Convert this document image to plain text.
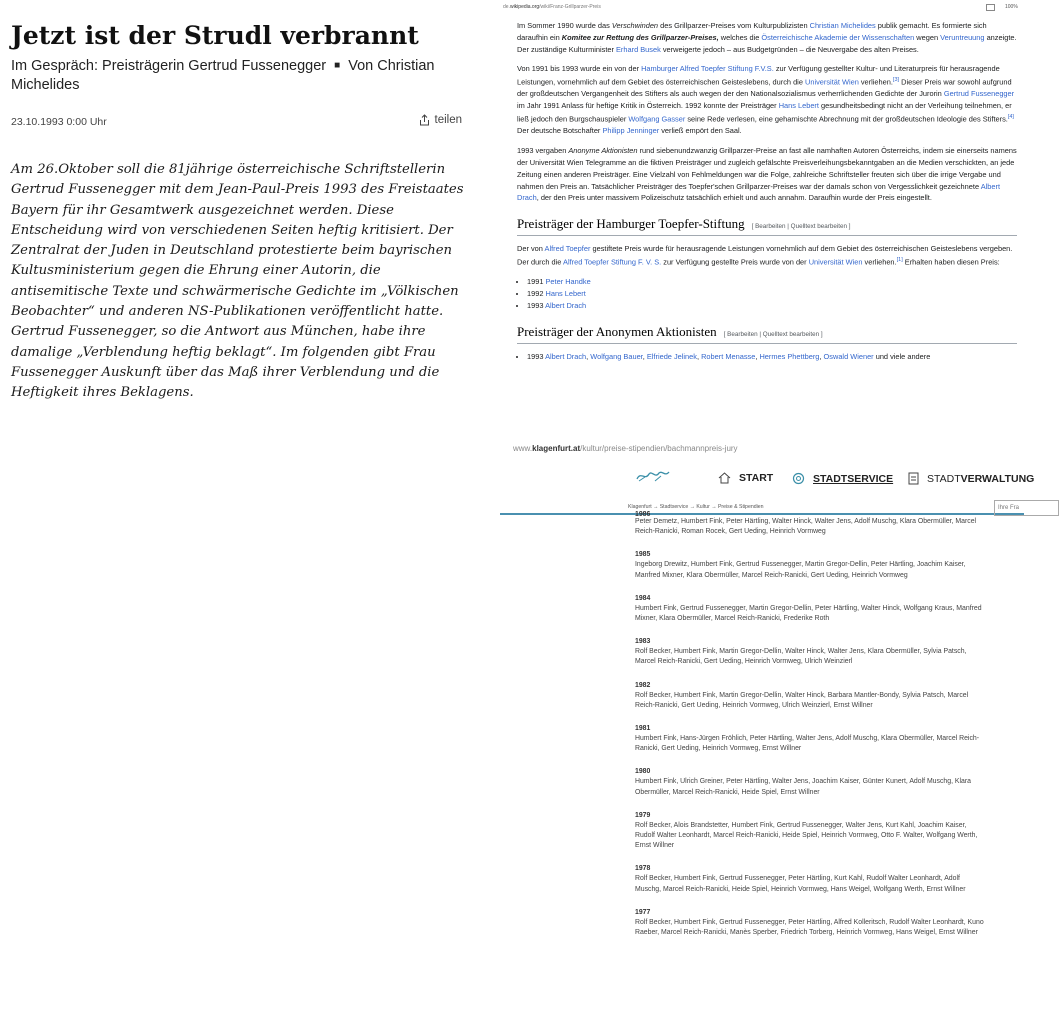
Jetzt ist der Strudl verbrannt
Im Gespräch: Preisträgerin Gertrud Fussenegger ■ Von Christian Michelides
23.10.1993 0:00 Uhr	teilen

Am 26.Oktober soll die 81jährige österreichische Schriftstellerin Gertrud Fussenegger mit dem Jean-Paul-Preis 1993 des Freistaates Bayern für ihr Gesamtwerk ausgezeichnet werden. Diese Entscheidung wird von verschiedenen Seiten heftig kritisiert. Der Zentralrat der Juden in Deutschland protestierte beim bayrischen Kultusministerium gegen die Ehrung einer Autorin, die antisemitische Texte und schwärmerische Gedichte im „Völkischen Beobachter“ und anderen NS-Publikationen veröffentlicht hatte. Gertrud Fussenegger, so die Antwort aus München, habe ihre damalige „Verblendung heftig beklagt“. Im folgenden gibt Frau Fussenegger Auskunft über das Maß ihrer Verblendung und die Heftigkeit ihres Beklagens.

de.wikipedia.org/wiki/Franz-Grillparzer-Preis	100%

Im Sommer 1990 wurde das Verschwinden des Grillparzer-Preises vom Kulturpublizisten Christian Michelides publik gemacht. Es formierte sich daraufhin ein Komitee zur Rettung des Grillparzer-Preises, welches die Österreichische Akademie der Wissenschaften wegen Veruntreuung anzeigte. Der zuständige Kulturminister Erhard Busek verweigerte jedoch – aus Budgetgründen – die Neuvergabe des alten Preises.

Von 1991 bis 1993 wurde ein von der Hamburger Alfred Toepfer Stiftung F.V.S. zur Verfügung gestellter Kultur- und Literaturpreis für herausragende Leistungen, vornehmlich auf dem Gebiet des österreichischen Geisteslebens, durch die Universität Wien verliehen.[3] Dieser Preis war sowohl aufgrund der großdeutschen Vergangenheit des Stifters als auch wegen der den Nationalsozialismus verherrlichenden Gedichte der Jurorin Gertrud Fussenegger im Jahr 1991 Anlass für heftige Kritik in Österreich. 1992 konnte der Preisträger Hans Lebert gesundheitsbedingt nicht an der Verleihung teilnehmen, er ließ jedoch den Burgschauspieler Wolfgang Gasser seine Rede verlesen, eine geharnischte Abrechnung mit der großdeutschen Ideologie des Stifters.[4] Der deutsche Botschafter Philipp Jenninger verließ empört den Saal.

1993 vergaben Anonyme Aktionisten rund siebenundzwanzig Grillparzer-Preise an fast alle namhaften Autoren Österreichs, indem sie einerseits namens der Universität Wien Telegramme an die fiktiven Preisträger und zugleich gefälschte Preisverleihungsbekanntgaben an die Medien verschickten, an jede Zeitung einen anderen Preisträger. Eine Vielzahl von Fehlmeldungen war die Folge, zahlreiche Schriftsteller freuten sich über die irrige Vergabe und nahmen den Preis an. Tatsächlicher Preisträger des Toepfer'schen Grillparzer-Preises war der damals schon von Vergesslichkeit gezeichnete Albert Drach, der den Preis unter massivem Polizeischutz tatsächlich erhielt und auch annahm. Daraufhin wurde der Preis eingestellt.

Preisträger der Hamburger Toepfer-Stiftung [ Bearbeiten | Quelltext bearbeiten ]

Der von Alfred Toepfer gestiftete Preis wurde für herausragende Leistungen vornehmlich auf dem Gebiet des österreichischen Geisteslebens vergeben. Der durch die Alfred Toepfer Stiftung F. V. S. zur Verfügung gestellte Preis wurde von der Universität Wien verliehen.[1] Erhalten haben diesen Preis:

• 1991 Peter Handke
• 1992 Hans Lebert
• 1993 Albert Drach
Preisträger der Anonymen Aktionisten [ Bearbeiten | Quelltext bearbeiten ]
• 1993 Albert Drach, Wolfgang Bauer, Elfriede Jelinek, Robert Menasse, Hermes Phettberg, Oswald Wiener und viele andere
www.klagenfurt.at/kultur/preise-stipendien/bachmannpreis-jury
START	STADTSERVICE	STADTVERWALTUNG
Klagenfurt → Stadtservice → Kultur → Preise & Stipendien	Ihre Fra
1986
Peter Demetz, Humbert Fink, Peter Härtling, Walter Hinck, Walter Jens, Adolf Muschg, Klara Obermüller, Marcel Reich-Ranicki, Roman Rocek, Gert Ueding, Heinrich Vormweg
1985
Ingeborg Drewitz, Humbert Fink, Gertrud Fussenegger, Martin Gregor-Dellin, Peter Härtling, Joachim Kaiser, Manfred Mixner, Klara Obermüller, Marcel Reich-Ranicki, Gert Ueding, Heinrich Vormweg
1984
Humbert Fink, Gertrud Fussenegger, Martin Gregor-Dellin, Peter Härtling, Walter Hinck, Wolfgang Kraus, Manfred Mixner, Klara Obermüller, Marcel Reich-Ranicki, Frederike Roth
1983
Rolf Becker, Humbert Fink, Martin Gregor-Dellin, Walter Hinck, Walter Jens, Klara Obermüller, Sylvia Patsch, Marcel Reich-Ranicki, Gert Ueding, Heinrich Vormweg, Ulrich Weinzierl
1982
Rolf Becker, Humbert Fink, Martin Gregor-Dellin, Walter Hinck, Barbara Mantler-Bondy, Sylvia Patsch, Marcel Reich-Ranicki, Gert Ueding, Heinrich Vormweg, Ulrich Weinzierl, Ernst Willner
1981
Humbert Fink, Hans-Jürgen Fröhlich, Peter Härtling, Walter Jens, Adolf Muschg, Klara Obermüller, Marcel Reich-Ranicki, Gert Ueding, Heinrich Vormweg, Ernst Willner
1980
Humbert Fink, Ulrich Greiner, Peter Härtling, Walter Jens, Joachim Kaiser, Günter Kunert, Adolf Muschg, Klara Obermüller, Marcel Reich-Ranicki, Heide Spiel, Ernst Willner
1979
Rolf Becker, Alois Brandstetter, Humbert Fink, Gertrud Fussenegger, Walter Jens, Kurt Kahl, Joachim Kaiser, Rudolf Walter Leonhardt, Marcel Reich-Ranicki, Heide Spiel, Heinrich Vormweg, Otto F. Walter, Wolfgang Werth, Ernst Willner
1978
Rolf Becker, Humbert Fink, Gertrud Fussenegger, Peter Härtling, Kurt Kahl, Rudolf Walter Leonhardt, Adolf Muschg, Marcel Reich-Ranicki, Heide Spiel, Heinrich Vormweg, Hans Weigel, Wolfgang Werth, Ernst Willner
1977
Rolf Becker, Humbert Fink, Gertrud Fussenegger, Peter Härtling, Alfred Kolleritsch, Rudolf Walter Leonhardt, Kuno Raeber, Marcel Reich-Ranicki, Manès Sperber, Friedrich Torberg, Heinrich Vormweg, Hans Weigel, Ernst Willner
